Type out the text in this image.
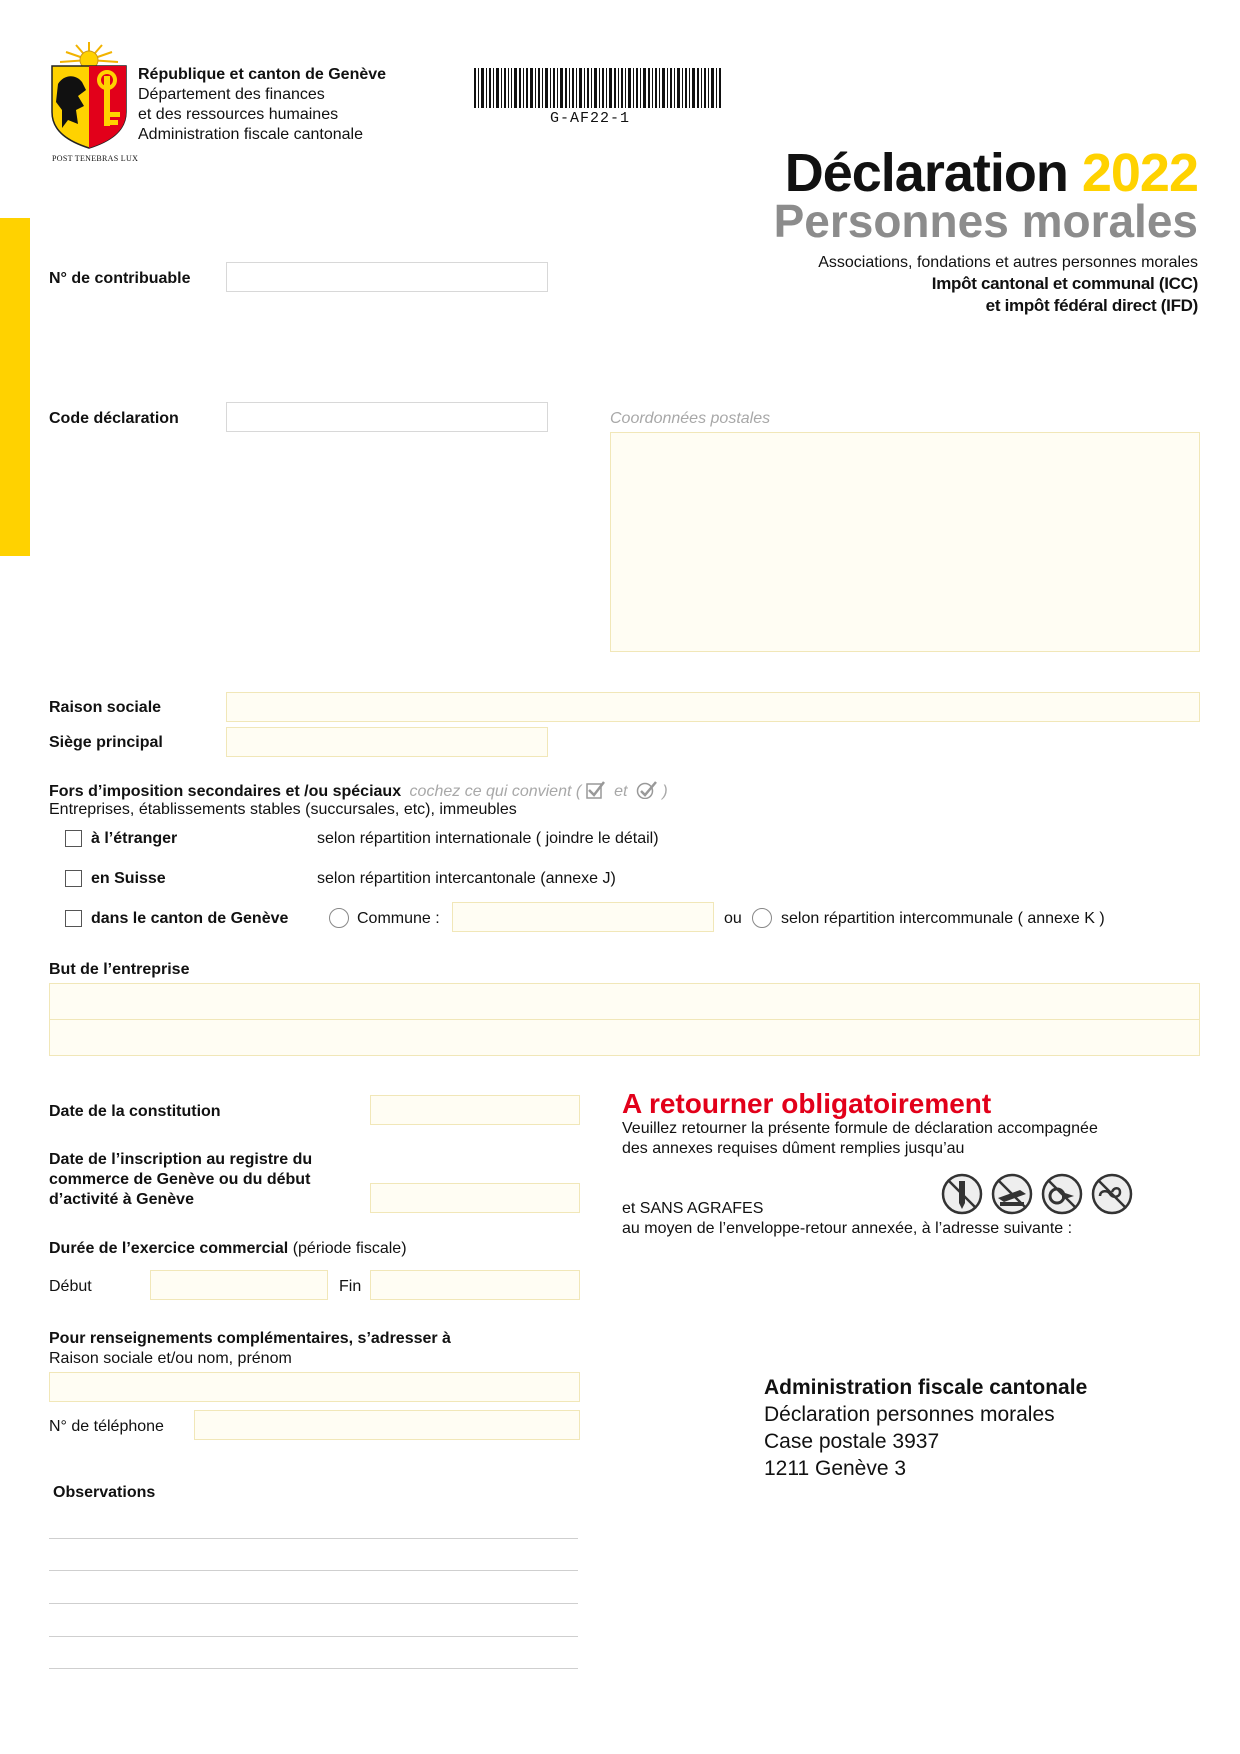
POST TENEBRAS LUX
République et canton de Genève
Département des finances
et des ressources humaines
Administration fiscale cantonale
G-AF22-1
Déclaration 2022
Personnes morales
Associations, fondations et autres personnes morales
Impôt cantonal et communal (ICC)
et impôt fédéral direct (IFD)
N° de contribuable
Code déclaration	Coordonnées postales
Raison sociale
Siège principal
Fors d’imposition secondaires et /ou spéciaux cochez ce qui convient ( et )
Entreprises, établissements stables (succursales, etc), immeubles
à l’étranger	selon répartition internationale ( joindre le détail)
en Suisse	selon répartition intercantonale (annexe J)
dans le canton de Genève	Commune :	ou selon répartition intercommunale ( annexe K )
But de l’entreprise
Date de la constitution
Date de l’inscription au registre du
commerce de Genève ou du début
d’activité à Genève
Durée de l’exercice commercial (période fiscale)
Début	Fin
Pour renseignements complémentaires, s’adresser à
Raison sociale et/ou nom, prénom
N° de téléphone
Observations
A retourner obligatoirement
Veuillez retourner la présente formule de déclaration accompagnée
des annexes requises dûment remplies jusqu’au
et SANS AGRAFES
au moyen de l’enveloppe-retour annexée, à l’adresse suivante :
Administration fiscale cantonale
Déclaration personnes morales
Case postale 3937
1211 Genève 3
